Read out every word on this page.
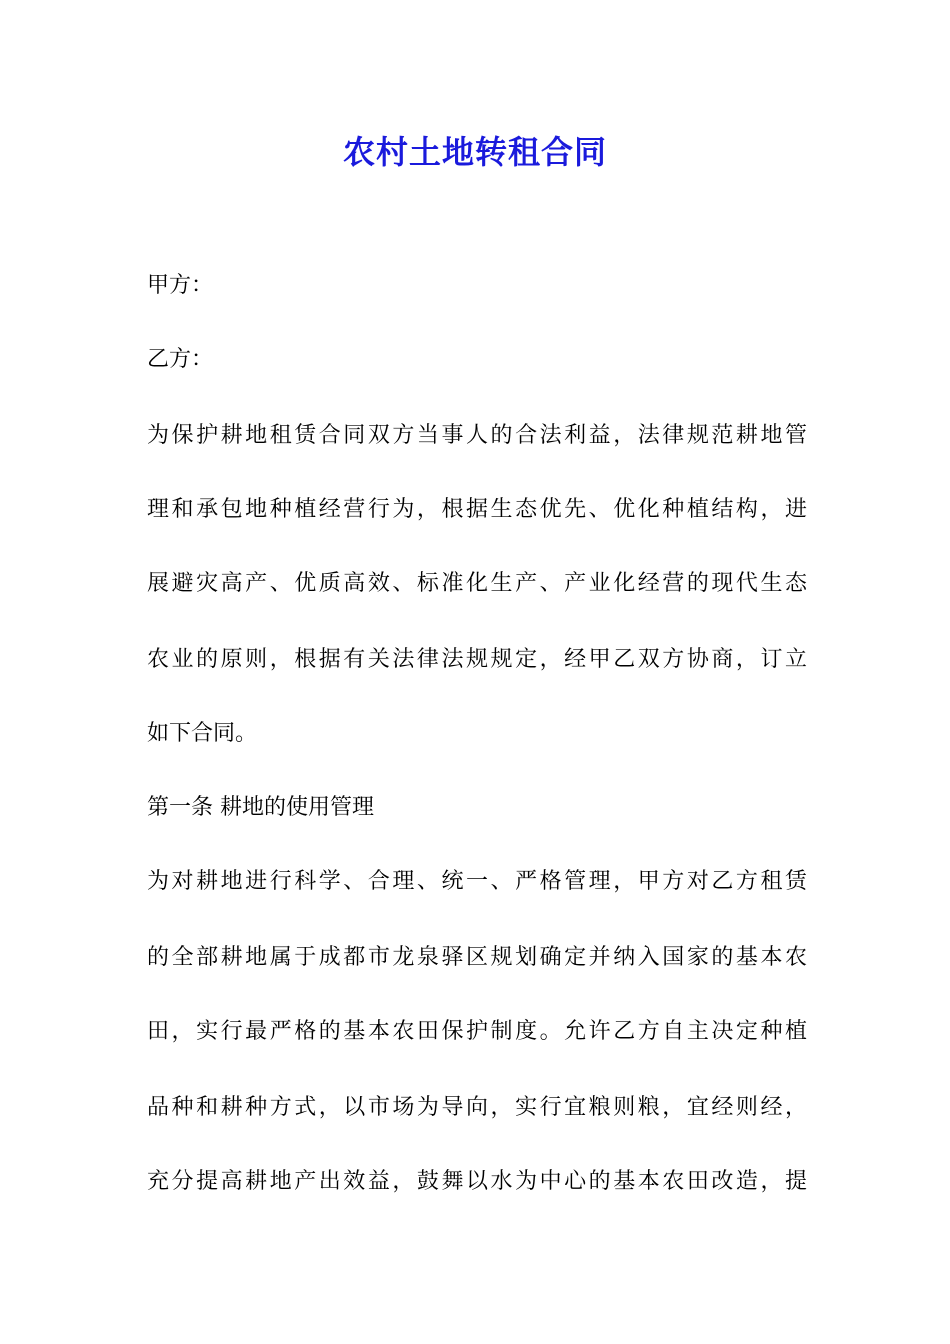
农村土地转租合同
甲方：
乙方：
为保护耕地租赁合同双方当事人的合法利益，法律规范耕地管
理和承包地种植经营行为，根据生态优先、优化种植结构，进
展避灾高产、优质高效、标准化生产、产业化经营的现代生态
农业的原则，根据有关法律法规规定，经甲乙双方协商，订立
如下合同。
第一条 耕地的使用管理
为对耕地进行科学、合理、统一、严格管理，甲方对乙方租赁
的全部耕地属于成都市龙泉驿区规划确定并纳入国家的基本农
田，实行最严格的基本农田保护制度。允许乙方自主决定种植
品种和耕种方式，以市场为导向，实行宜粮则粮，宜经则经，
充分提高耕地产出效益，鼓舞以水为中心的基本农田改造，提
